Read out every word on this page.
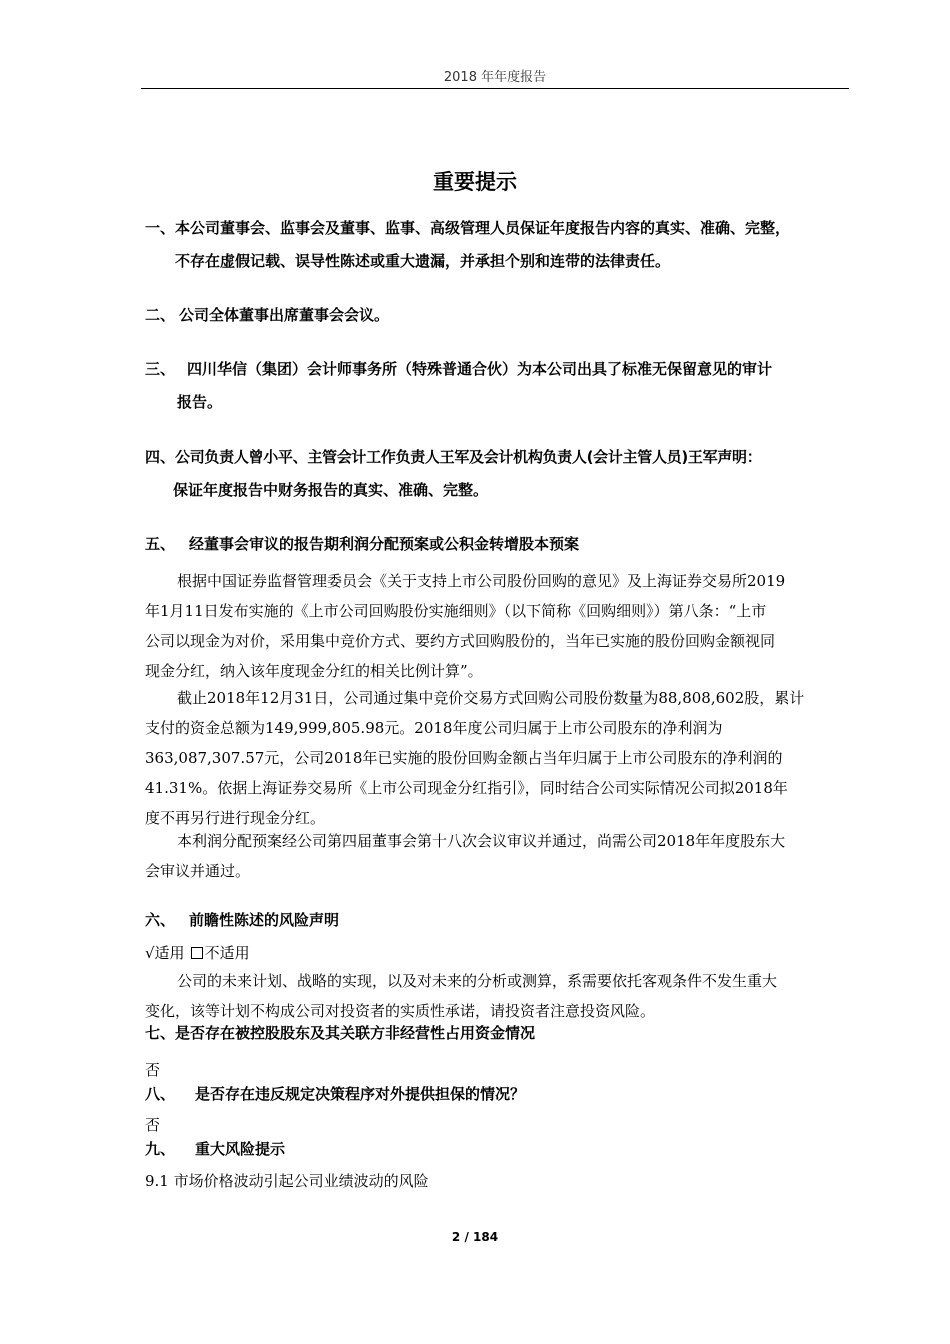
2018 年年度报告
重要提示
一、本公司董事会、监事会及董事、监事、高级管理人员保证年度报告内容的真实、准确、完整，
不存在虚假记载、误导性陈述或重大遗漏，并承担个别和连带的法律责任。
二、 公司全体董事出席董事会会议。
三、 四川华信（集团）会计师事务所（特殊普通合伙）为本公司出具了标准无保留意见的审计
报告。
四、公司负责人曾小平、主管会计工作负责人王军及会计机构负责人(会计主管人员)王军声明：
保证年度报告中财务报告的真实、准确、完整。
五、 经董事会审议的报告期利润分配预案或公积金转增股本预案
根据中国证券监督管理委员会《关于支持上市公司股份回购的意见》及上海证券交易所2019
年1月11日发布实施的《上市公司回购股份实施细则》（以下简称《回购细则》）第八条：“上市
公司以现金为对价，采用集中竞价方式、要约方式回购股份的，当年已实施的股份回购金额视同
现金分红，纳入该年度现金分红的相关比例计算”。
截止2018年12月31日，公司通过集中竞价交易方式回购公司股份数量为88,808,602股，累计
支付的资金总额为149,999,805.98元。2018年度公司归属于上市公司股东的净利润为
363,087,307.57元，公司2018年已实施的股份回购金额占当年归属于上市公司股东的净利润的
41.31%。依据上海证券交易所《上市公司现金分红指引》，同时结合公司实际情况公司拟2018年
度不再另行进行现金分红。
本利润分配预案经公司第四届董事会第十八次会议审议并通过，尚需公司2018年年度股东大
会审议并通过。
六、 前瞻性陈述的风险声明
√适用 不适用
公司的未来计划、战略的实现，以及对未来的分析或测算，系需要依托客观条件不发生重大
变化，该等计划不构成公司对投资者的实质性承诺，请投资者注意投资风险。
七、是否存在被控股股东及其关联方非经营性占用资金情况
否
八、 是否存在违反规定决策程序对外提供担保的情况？
否
九、 重大风险提示
9.1 市场价格波动引起公司业绩波动的风险
2 / 184
